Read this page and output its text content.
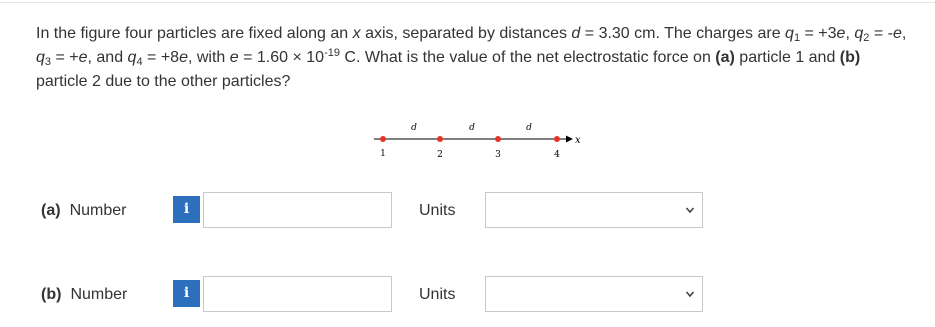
In the figure four particles are fixed along an x axis, separated by distances d = 3.30 cm. The charges are $q_1 = +3e$, $q_2 = -e$, $q_3 = +e$, and $q_4 = +8e$, with $e = 1.60 \times 10^{-19}$ C. What is the value of the net electrostatic force on (a) particle 1 and (b) particle 2 due to the other particles?
x
d	d	d
1	2	3	4
(a) Number	i	Units
(b) Number	i	Units
